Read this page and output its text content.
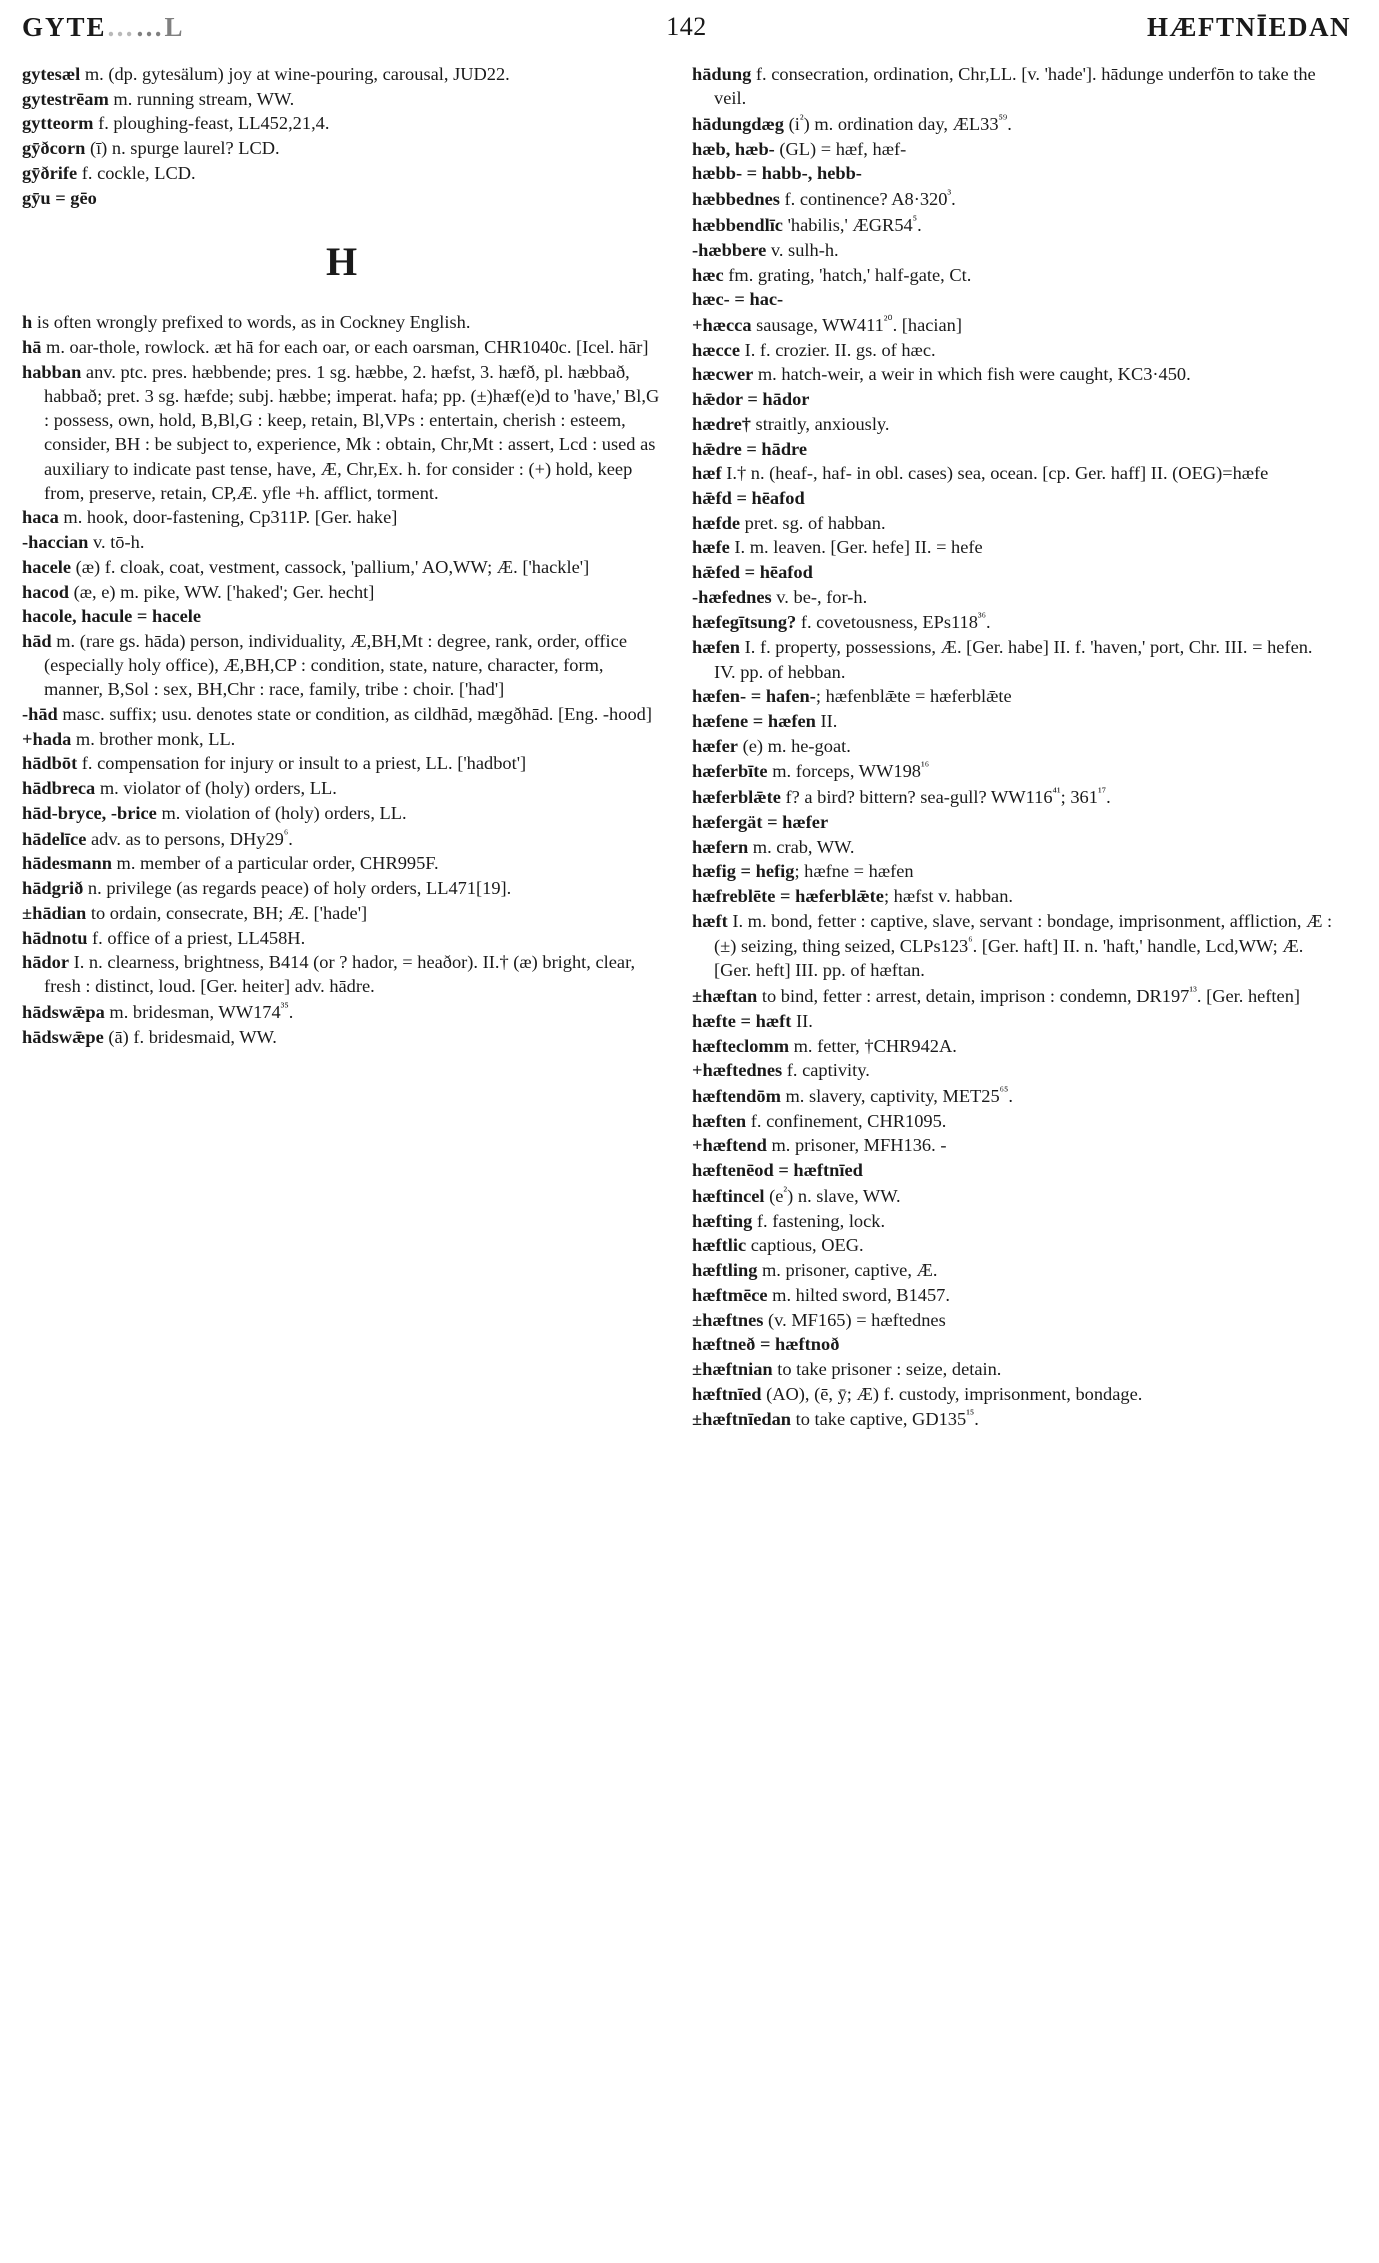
GYTE……L	142	HÆFTNĪEDAN
gytesæl m. (dp. gytesälum) joy at wine-pouring, carousal, JUD22.
gytestrēam m. running stream, WW.
gytteorm f. ploughing-feast, LL452,21,4.
gȳðcorn (ī) n. spurge laurel? LCD.
gȳðrife f. cockle, LCD.
gȳu = gēo
H
h is often wrongly prefixed to words, as in Cockney English.
hā m. oar-thole, rowlock. æt hā for each oar, or each oarsman, CHR1040c. [Icel. hār]
habban anv. ptc. pres. hæbbende; pres. 1 sg. hæbbe, 2. hæfst, 3. hæfð, pl. hæbbað, habbað; pret. 3 sg. hæfde; subj. hæbbe; imperat. hafa; pp. (±)hæf(e)d to 'have,' Bl,G : possess, own, hold, B,Bl,G : keep, retain, Bl,VPs : entertain, cherish : esteem, consider, BH : be subject to, experience, Mk : obtain, Chr,Mt : assert, Lcd : used as auxiliary to indicate past tense, have, Æ, Chr,Ex. h. for consider : (+) hold, keep from, preserve, retain, CP,Æ. yfle +h. afflict, torment.
haca m. hook, door-fastening, Cp311P. [Ger. hake]
-haccian v. tō-h.
hacele (æ) f. cloak, coat, vestment, cassock, 'pallium,' AO,WW; Æ. ['hackle']
hacod (æ, e) m. pike, WW. ['haked'; Ger. hecht]
hacole, hacule = hacele
hād m. (rare gs. hāda) person, individuality, Æ,BH,Mt : degree, rank, order, office (especially holy office), Æ,BH,CP : condition, state, nature, character, form, manner, B,Sol : sex, BH,Chr : race, family, tribe : choir. ['had']
-hād masc. suffix; usu. denotes state or condition, as cildhād, mægðhād. [Eng. -hood]
+hada m. brother monk, LL.
hādbōt f. compensation for injury or insult to a priest, LL. ['hadbot']
hādbreca m. violator of (holy) orders, LL.
hād-bryce, -brice m. violation of (holy) orders, LL.
hādelīce adv. as to persons, $DHy29^{^6}$.
hādesmann m. member of a particular order, CHR995F.
hādgrið n. privilege (as regards peace) of holy orders, LL471[19].
±hādian to ordain, consecrate, BH; Æ. ['hade']
hādnotu f. office of a priest, LL458H.
hādor I. n. clearness, brightness, B414 (or ? hador, = heaðor). II.† (æ) bright, clear, fresh : distinct, loud. [Ger. heiter] adv. hādre.
hādswǣpa m. bridesman, $WW174^{^{35}}$.
hādswǣpe (ā) f. bridesmaid, WW.
hādung f. consecration, ordination, Chr,LL. [v. 'hade']. hādunge underfōn to take the veil.
hādungdæg $(i^{^2})$ m. ordination day, $ÆL33^{^{59}}$.
hæb, hæb- (GL) = hæf, hæf-
hæbb- = habb-, hebb-
hæbbednes f. continence? $A8\cdot 320^{^3}$.
hæbbendlīc 'habilis,' $ÆGR54^{^5}$.
-hæbbere v. sulh-h.
hæc fm. grating, 'hatch,' half-gate, Ct.
hæc- = hac-
+hæcca sausage, $WW411^{^{20}}$. [hacian]
hæcce I. f. crozier. II. gs. of hæc.
hæcwer m. hatch-weir, a weir in which fish were caught, KC3·450.
hǣdor = hādor
hædre† straitly, anxiously.
hǣdre = hādre
hæf I.† n. (heaf-, haf- in obl. cases) sea, ocean. [cp. Ger. haff] II. (OEG)=hæfe
hǣfd = hēafod
hæfde pret. sg. of habban.
hæfe I. m. leaven. [Ger. hefe] II. = hefe
hǣfed = hēafod
-hæfednes v. be-, for-h.
hæfegītsung? f. covetousness, $EPs118^{^{36}}$.
hæfen I. f. property, possessions, Æ. [Ger. habe] II. f. 'haven,' port, Chr. III. = hefen. IV. pp. of hebban.
hæfen- = hafen-; hæfenblǣte = hæferblǣte
hæfene = hæfen II.
hæfer (e) m. he-goat.
hæferbīte m. forceps, $WW198^{^{16}}$
hæferblǣte f? a bird? bittern? sea-gull? $WW116^{^{41}}$; $361^{^{17}}$.
hæfergät = hæfer
hæfern m. crab, WW.
hæfig = hefig; hæfne = hæfen
hæfreblēte = hæferblǣte; hæfst v. habban.
hæft I. m. bond, fetter : captive, slave, servant : bondage, imprisonment, affliction, Æ : (±) seizing, thing seized, $CLPs123^{^6}$. [Ger. haft] II. n. 'haft,' handle, Lcd,WW; Æ. [Ger. heft] III. pp. of hæftan.
±hæftan to bind, fetter : arrest, detain, imprison : condemn, $DR197^{^{13}}$. [Ger. heften]
hæfte = hæft II.
hæfteclomm m. fetter, †CHR942A.
+hæftednes f. captivity.
hæftendōm m. slavery, captivity, $MET25^{^{65}}$.
hæften f. confinement, CHR1095.
+hæftend m. prisoner, MFH136. -
hæftenēod = hæftnīed
hæftincel $(e^{^2})$ n. slave, WW.
hæfting f. fastening, lock.
hæftlic captious, OEG.
hæftling m. prisoner, captive, Æ.
hæftmēce m. hilted sword, B1457.
±hæftnes (v. MF165) = hæftednes
hæftneð = hæftnoð
±hæftnian to take prisoner : seize, detain.
hæftnīed (AO), (ē, ȳ; Æ) f. custody, imprisonment, bondage.
±hæftnīedan to take captive, $GD135^{^{15}}$.
